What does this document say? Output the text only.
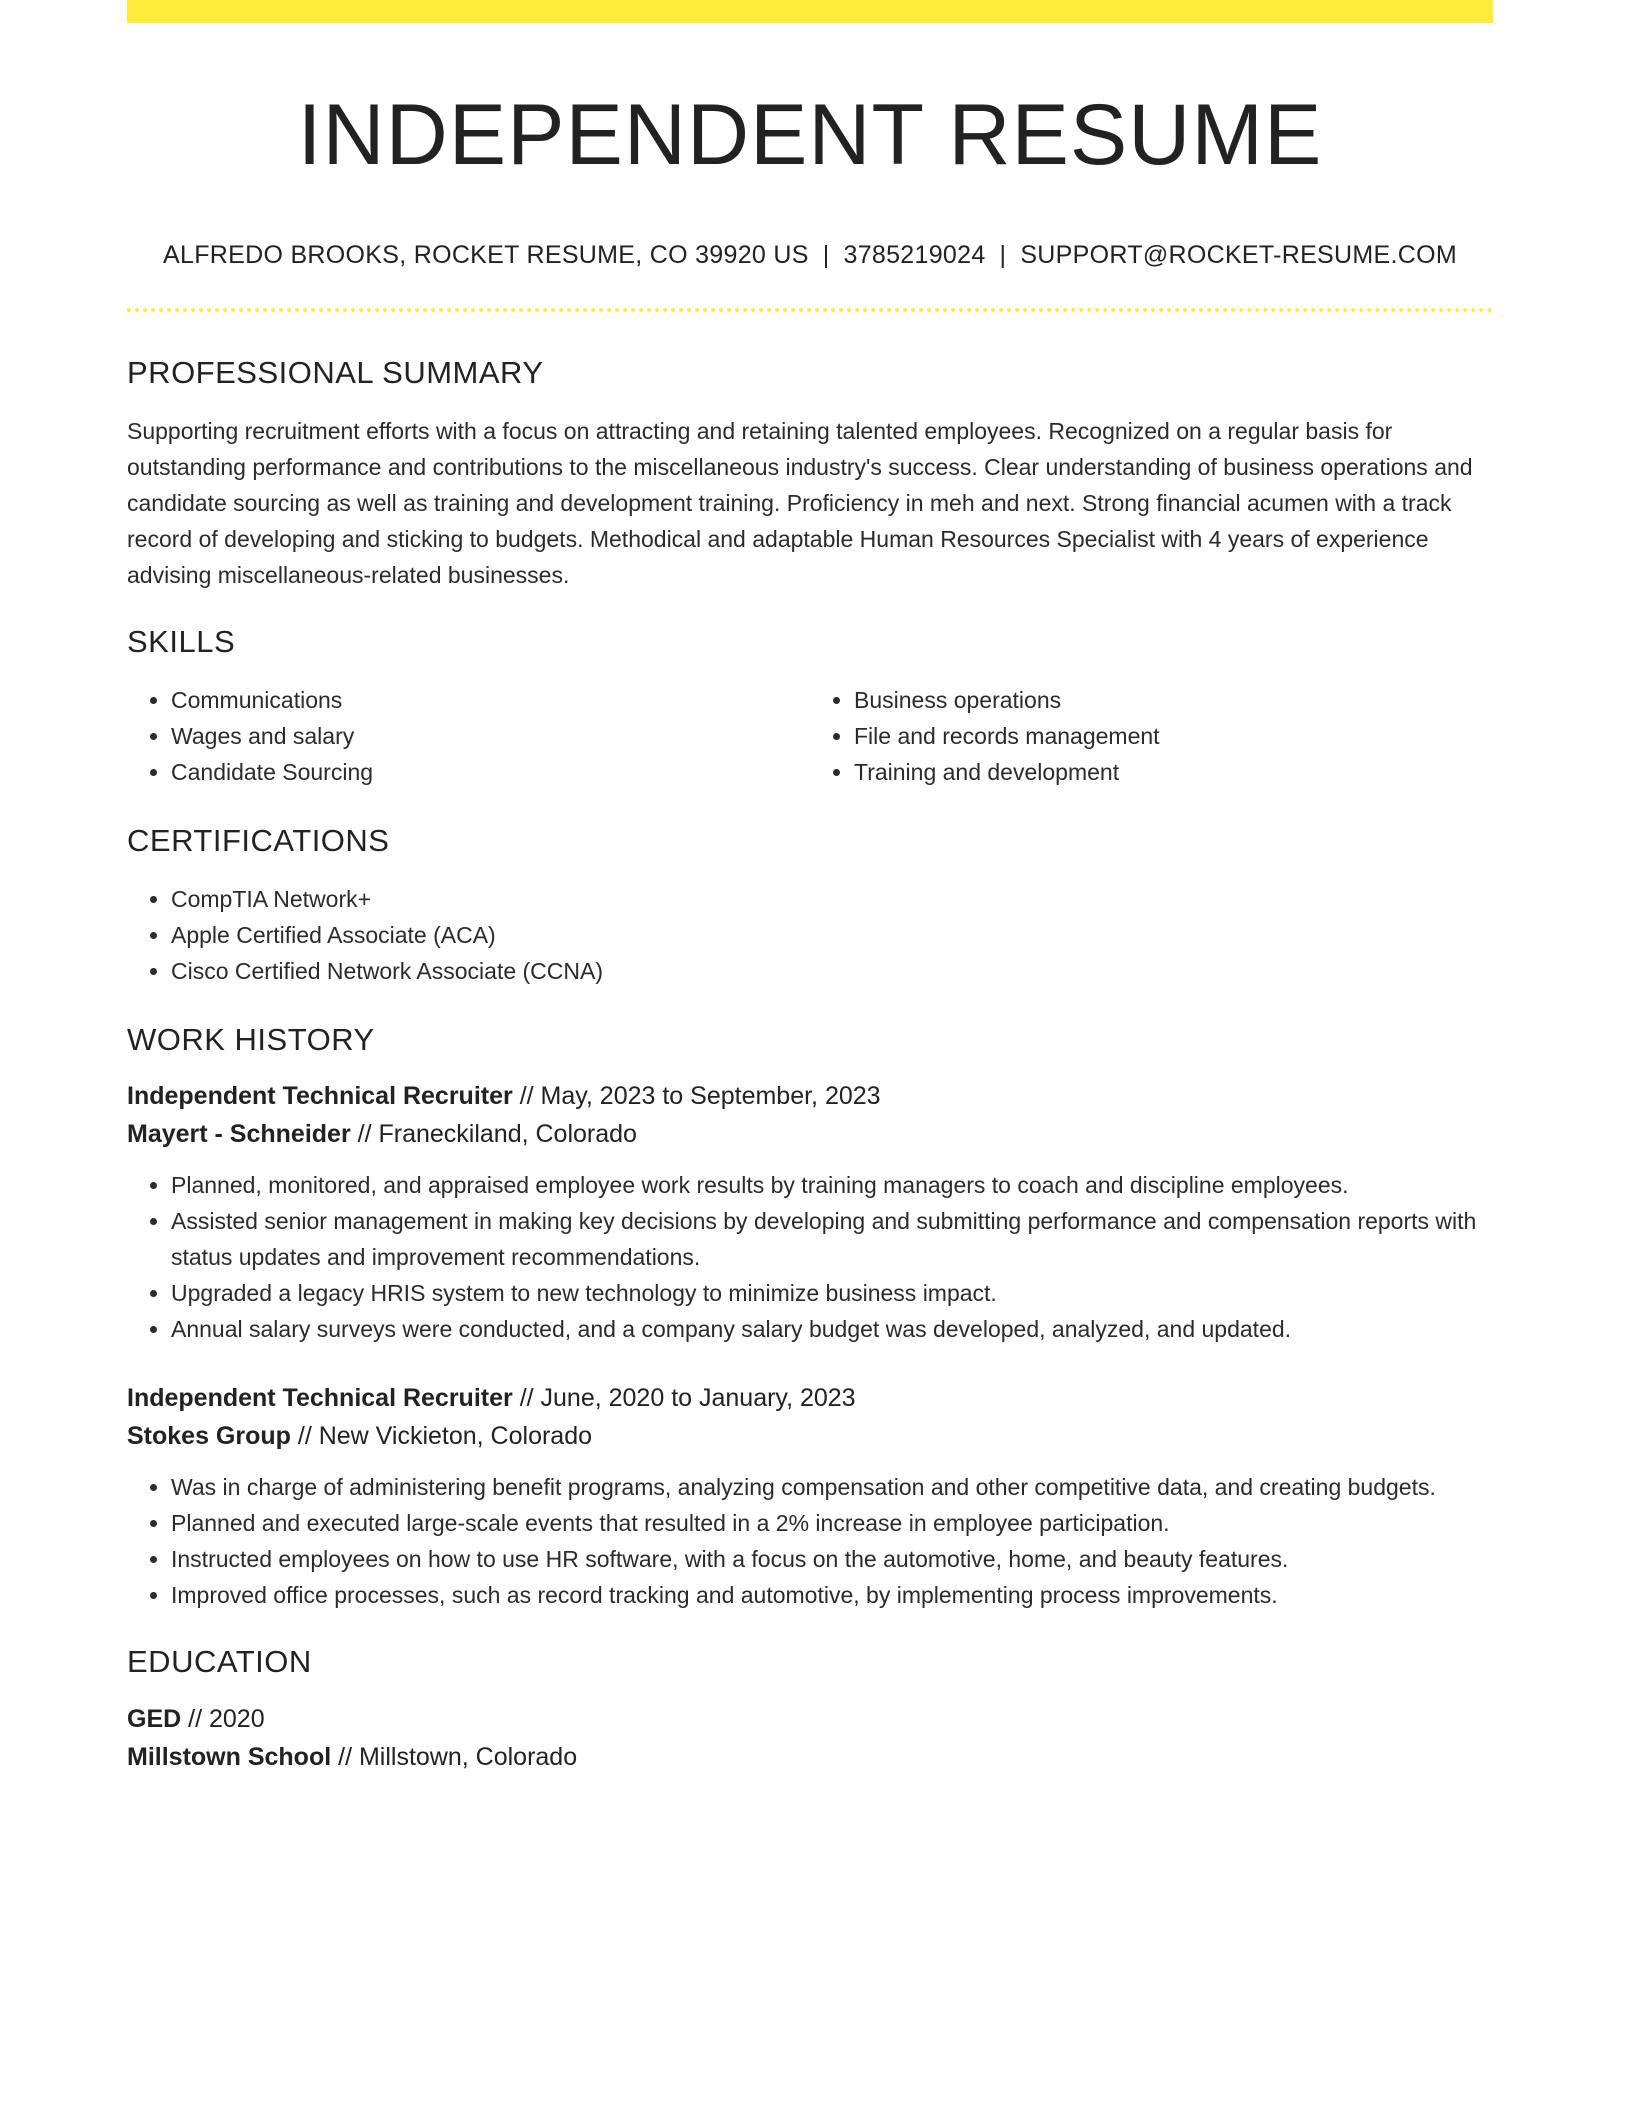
INDEPENDENT RESUME
ALFREDO BROOKS, ROCKET RESUME, CO 39920 US | 3785219024 | SUPPORT@ROCKET-RESUME.COM
PROFESSIONAL SUMMARY

Supporting recruitment efforts with a focus on attracting and retaining talented employees. Recognized on a regular basis for outstanding performance and contributions to the miscellaneous industry's success. Clear understanding of business operations and candidate sourcing as well as training and development training. Proficiency in meh and next. Strong financial acumen with a track record of developing and sticking to budgets. Methodical and adaptable Human Resources Specialist with 4 years of experience advising miscellaneous-related businesses.

SKILLS
• Communications
• Wages and salary
• Candidate Sourcing
• Business operations
• File and records management
• Training and development
CERTIFICATIONS
• CompTIA Network+
• Apple Certified Associate (ACA)
• Cisco Certified Network Associate (CCNA)
WORK HISTORY
Independent Technical Recruiter // May, 2023 to September, 2023
Mayert - Schneider // Franeckiland, Colorado
• Planned, monitored, and appraised employee work results by training managers to coach and discipline employees.
• Assisted senior management in making key decisions by developing and submitting performance and compensation reports with status updates and improvement recommendations.
• Upgraded a legacy HRIS system to new technology to minimize business impact.
• Annual salary surveys were conducted, and a company salary budget was developed, analyzed, and updated.
Independent Technical Recruiter // June, 2020 to January, 2023
Stokes Group // New Vickieton, Colorado
• Was in charge of administering benefit programs, analyzing compensation and other competitive data, and creating budgets.
• Planned and executed large-scale events that resulted in a 2% increase in employee participation.
• Instructed employees on how to use HR software, with a focus on the automotive, home, and beauty features.
• Improved office processes, such as record tracking and automotive, by implementing process improvements.
EDUCATION
GED // 2020
Millstown School // Millstown, Colorado
